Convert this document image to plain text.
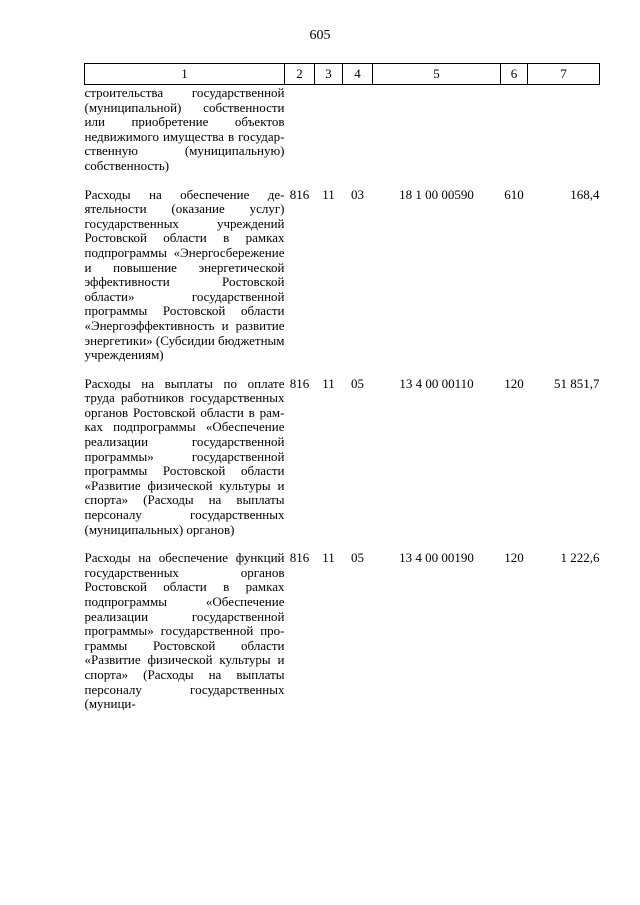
605
1	2	3	4	5	6	7
строительства государственной (муниципальной) собственности или приобретение объектов недвижимого имущества в государственную (муниципальную) собственность)						
Расходы на обеспечение деятельности (оказание услуг) государственных учреждений Ростовской области в рамках подпрограммы «Энергосбережение и повышение энергетической эффективности Ростовской области» государственной программы Ростовской области «Энергоэффективность и развитие энергетики» (Субсидии бюджетным учреждениям)	816	11	03	18 1 00 00590	610	168,4
Расходы на выплаты по оплате труда работников государственных органов Ростовской области в рамках подпрограммы «Обеспечение реализации государственной программы» государственной программы Ростовской области «Развитие физической культуры и спорта» (Расходы на выплаты персоналу государственных (муниципальных) органов)	816	11	05	13 4 00 00110	120	51 851,7
Расходы на обеспечение функций государственных органов Ростовской области в рамках подпрограммы «Обеспечение реализации государственной программы» государственной программы Ростовской области «Развитие физической культуры и спорта» (Расходы на выплаты персоналу государственных (муници-	816	11	05	13 4 00 00190	120	1 222,6
